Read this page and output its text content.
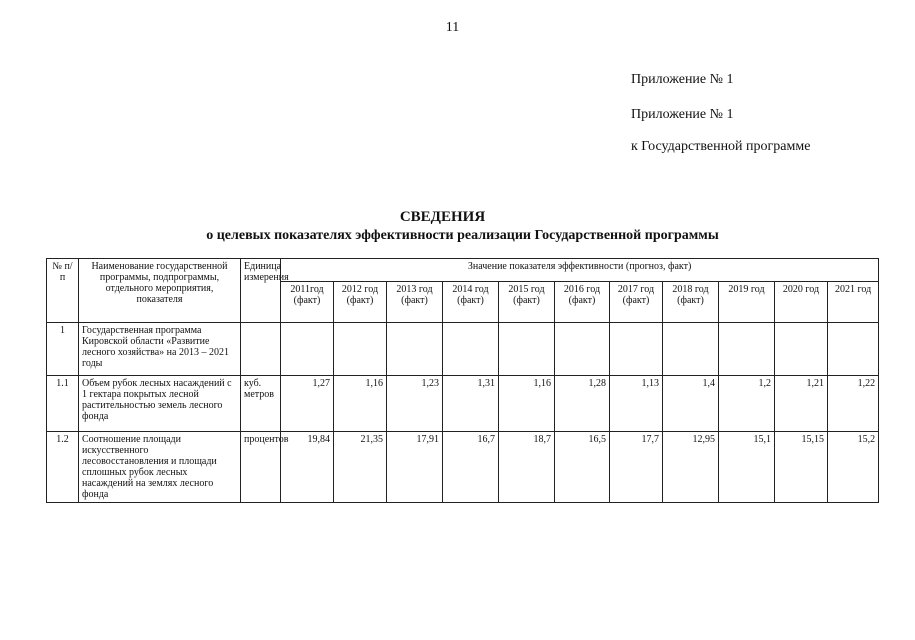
11
Приложение № 1
Приложение № 1
к Государственной программе
СВЕДЕНИЯ
о целевых показателях эффективности реализации Государственной программы
№ п/п	Наименование государственной программы, подпрограммы, отдельного мероприятия, показателя	Единица измерения	Значение показателя эффективности (прогноз, факт)										
			2011год (факт)	2012 год (факт)	2013 год (факт)	2014 год (факт)	2015 год (факт)	2016 год (факт)	2017 год (факт)	2018 год (факт)	2019 год	2020 год	2021 год
1	Государственная программа Кировской области «Развитие лесного хозяйства» на 2013 – 2021 годы												
1.1	Объем рубок лесных насаждений с 1 гектара покрытых лесной растительностью земель лесного фонда	куб. метров	1,27	1,16	1,23	1,31	1,16	1,28	1,13	1,4	1,2	1,21	1,22
1.2	Соотношение площади искусственного лесовосстановления и площади сплошных рубок лесных насаждений на землях лесного фонда	процентов	19,84	21,35	17,91	16,7	18,7	16,5	17,7	12,95	15,1	15,15	15,2
